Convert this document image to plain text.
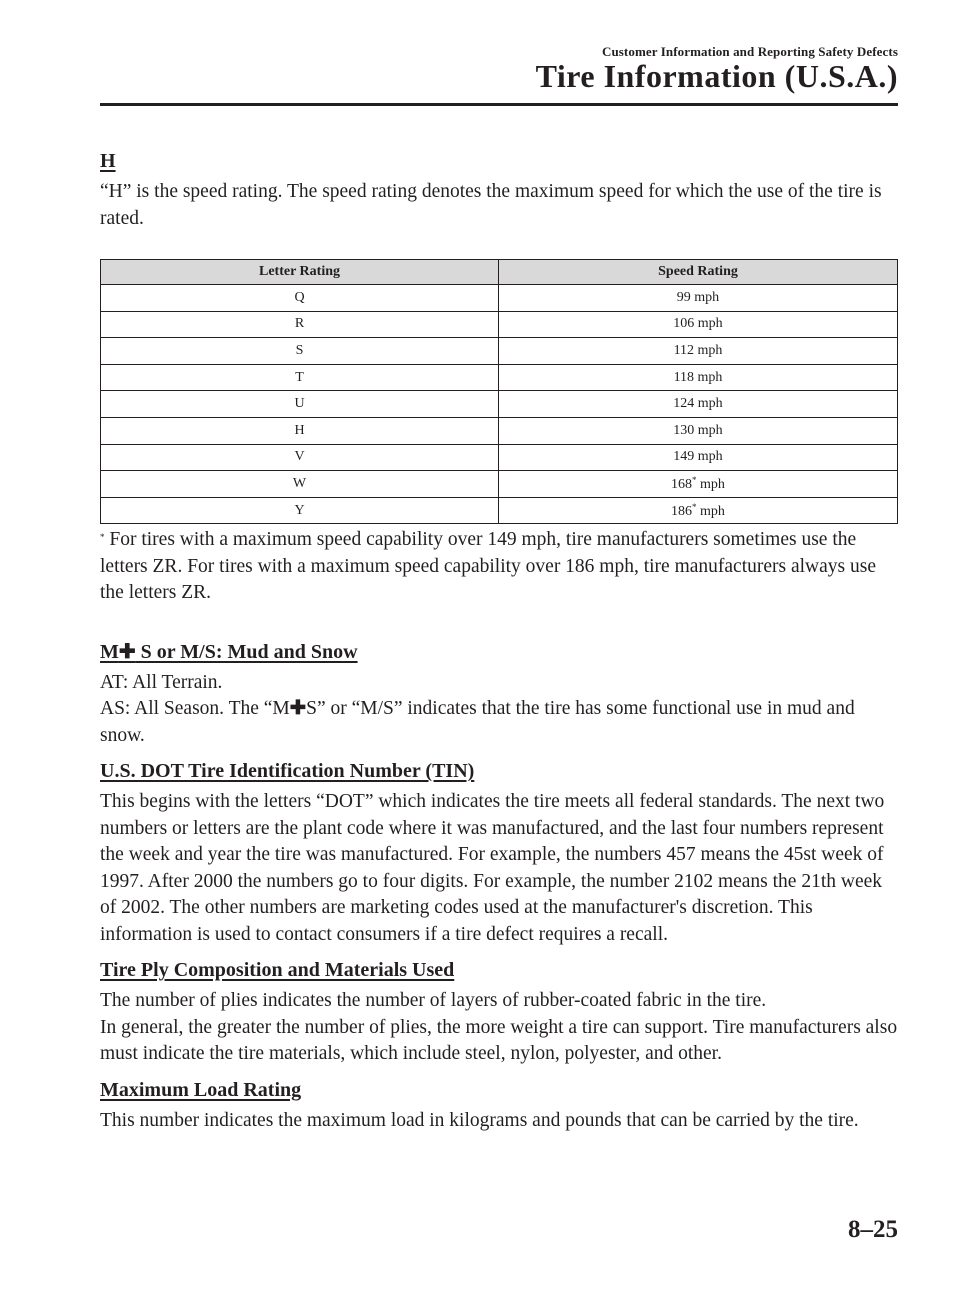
Customer Information and Reporting Safety Defects
Tire Information (U.S.A.)
H

“H” is the speed rating. The speed rating denotes the maximum speed for which the use of the tire is rated.

Letter Rating	Speed Rating
Q	99 mph
R	106 mph
S	112 mph
T	118 mph
U	124 mph
H	130 mph
V	149 mph
W	168* mph
Y	186* mph

* For tires with a maximum speed capability over 149 mph, tire manufacturers sometimes use the letters ZR. For tires with a maximum speed capability over 186 mph, tire manufacturers always use the letters ZR.

M✚ S or M/S: Mud and Snow

AT: All Terrain.

AS: All Season. The “M✚S” or “M/S” indicates that the tire has some functional use in mud and snow.

U.S. DOT Tire Identification Number (TIN)

This begins with the letters “DOT” which indicates the tire meets all federal standards. The next two numbers or letters are the plant code where it was manufactured, and the last four numbers represent the week and year the tire was manufactured. For example, the numbers 457 means the 45st week of 1997. After 2000 the numbers go to four digits. For example, the number 2102 means the 21th week of 2002. The other numbers are marketing codes used at the manufacturer's discretion. This information is used to contact consumers if a tire defect requires a recall.

Tire Ply Composition and Materials Used

The number of plies indicates the number of layers of rubber-coated fabric in the tire.

In general, the greater the number of plies, the more weight a tire can support. Tire manufacturers also must indicate the tire materials, which include steel, nylon, polyester, and other.

Maximum Load Rating

This number indicates the maximum load in kilograms and pounds that can be carried by the tire.

8–25
